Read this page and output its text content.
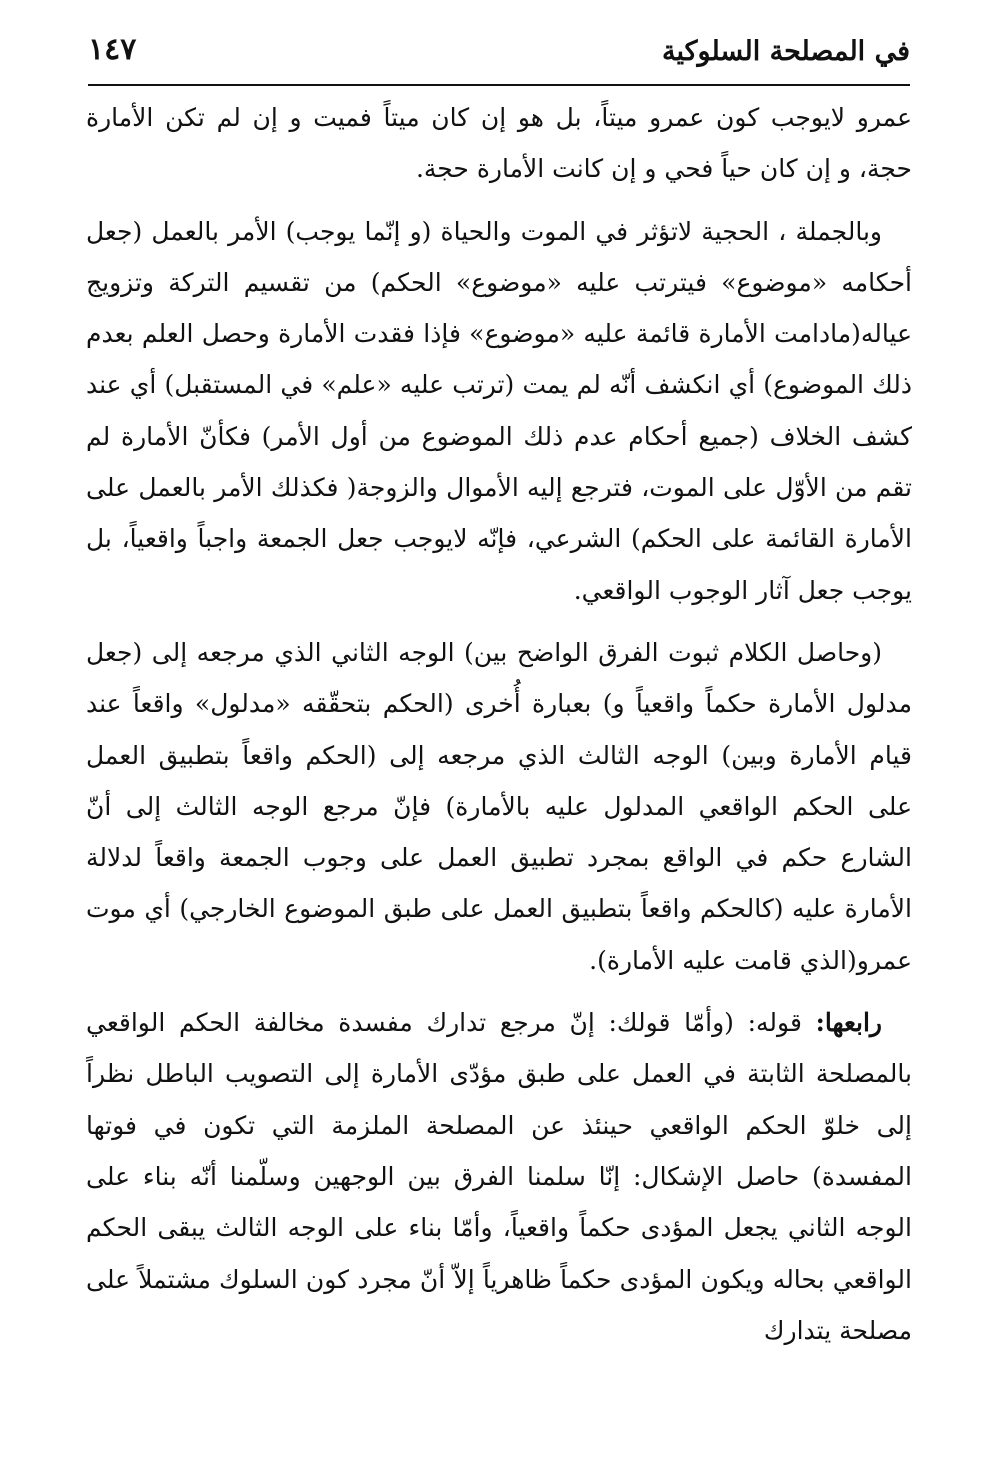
في المصلحة السلوكية
١٤٧

عمرو لايوجب كون عمرو ميتاً، بل هو إن كان ميتاً فميت و إن لم تكن الأمارة حجة، و إن كان حياً فحي و إن كانت الأمارة حجة.

وبالجملة ، الحجية لاتؤثر في الموت والحياة (و إنّما يوجب) الأمر بالعمل (جعل أحكامه «موضوع» فيترتب عليه «موضوع» الحكم) من تقسيم التركة وتزويج عياله(مادامت الأمارة قائمة عليه «موضوع» فإذا فقدت الأمارة وحصل العلم بعدم ذلك الموضوع) أي انكشف أنّه لم يمت (ترتب عليه «علم» في المستقبل) أي عند كشف الخلاف (جميع أحكام عدم ذلك الموضوع من أول الأمر) فكأنّ الأمارة لم تقم من الأوّل على الموت، فترجع إليه الأموال والزوجة( فكذلك الأمر بالعمل على الأمارة القائمة على الحكم) الشرعي، فإنّه لايوجب جعل الجمعة واجباً واقعياً، بل يوجب جعل آثار الوجوب الواقعي.

(وحاصل الكلام ثبوت الفرق الواضح بين) الوجه الثاني الذي مرجعه إلى (جعل مدلول الأمارة حكماً واقعياً و) بعبارة أُخرى (الحكم بتحقّقه «مدلول» واقعاً عند قيام الأمارة وبين) الوجه الثالث الذي مرجعه إلى (الحكم واقعاً بتطبيق العمل على الحكم الواقعي المدلول عليه بالأمارة) فإنّ مرجع الوجه الثالث إلى أنّ الشارع حكم في الواقع بمجرد تطبيق العمل على وجوب الجمعة واقعاً لدلالة الأمارة عليه (كالحكم واقعاً بتطبيق العمل على طبق الموضوع الخارجي) أي موت عمرو(الذي قامت عليه الأمارة).

رابعها: قوله: (وأمّا قولك: إنّ مرجع تدارك مفسدة مخالفة الحكم الواقعي بالمصلحة الثابتة في العمل على طبق مؤدّى الأمارة إلى التصويب الباطل نظراً إلى خلوّ الحكم الواقعي حينئذ عن المصلحة الملزمة التي تكون في فوتها المفسدة) حاصل الإشكال: إنّا سلمنا الفرق بين الوجهين وسلّمنا أنّه بناء على الوجه الثاني يجعل المؤدى حكماً واقعياً، وأمّا بناء على الوجه الثالث يبقى الحكم الواقعي بحاله ويكون المؤدى حكماً ظاهرياً إلاّ أنّ مجرد كون السلوك مشتملاً على مصلحة يتدارك
